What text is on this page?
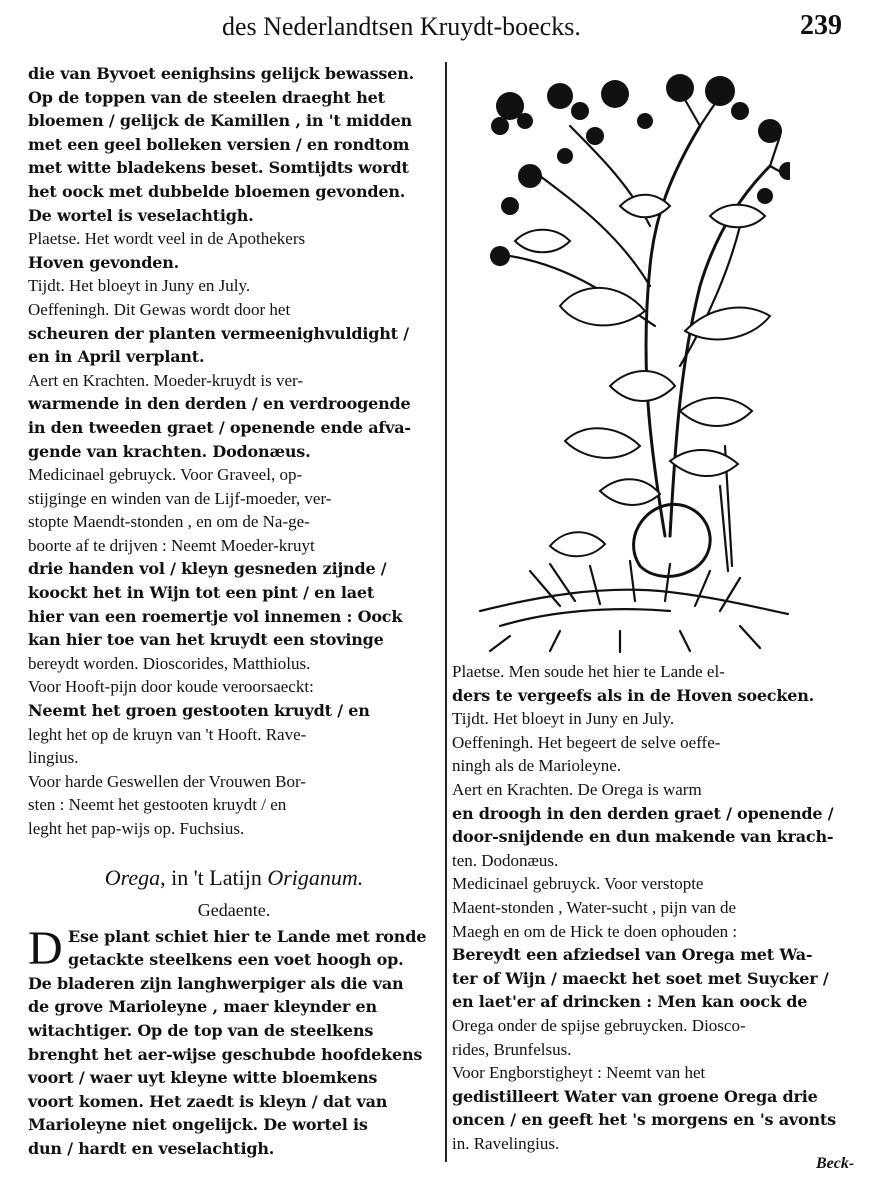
des Nederlandtsen Kruydt-boecks.	239
die van Byvoet eenighsins gelijck bewassen.
Op de toppen van de steelen draeght het
bloemen / gelijck de Kamillen , in 't midden
met een geel bolleken versien / en rondtom
met witte bladekens beset. Somtijdts wordt
het oock met dubbelde bloemen gevonden.
De wortel is veselachtigh.
Plaetse. Het wordt veel in de Apothekers
Hoven gevonden.
Tijdt. Het bloeyt in Juny en July.
Oeffeningh. Dit Gewas wordt door het
scheuren der planten vermeenighvuldight /
en in April verplant.
Aert en Krachten. Moeder-kruydt is ver-
warmende in den derden / en verdroogende
in den tweeden graet / openende ende afva-
gende van krachten. Dodonæus.
Medicinael gebruyck. Voor Graveel, op-
stijginge en winden van de Lijf-moeder, ver-
stopte Maendt-stonden , en om de Na-ge-
boorte af te drijven : Neemt Moeder-kruyt
drie handen vol / kleyn gesneden zijnde /
koockt het in Wijn tot een pint / en laet
hier van een roemertje vol innemen : Oock
kan hier toe van het kruydt een stovinge
bereydt worden. Dioscorides, Matthiolus.
Voor Hooft-pijn door koude veroorsaeckt:
Neemt het groen gestooten kruydt / en
leght het op de kruyn van 't Hooft. Rave-
lingius.
Voor harde Geswellen der Vrouwen Bor-
sten : Neemt het gestooten kruydt / en
leght het pap-wijs op. Fuchsius.
Orega, in 't Latijn Origanum.
Gedaente.
D Ese plant schiet hier te Lande met ronde
getackte steelkens een voet hoogh op.
De bladeren zijn langhwerpiger als die van
de grove Marioleyne , maer kleynder en
witachtiger. Op de top van de steelkens
brenght het aer-wijse geschubde hoofdekens
voort / waer uyt kleyne witte bloemkens
voort komen. Het zaedt is kleyn / dat van
Marioleyne niet ongelijck. De wortel is
dun / hardt en veselachtigh.
Plaetse. Men soude het hier te Lande el-
ders te vergeefs als in de Hoven soecken.
Tijdt. Het bloeyt in Juny en July.
Oeffeningh. Het begeert de selve oeffe-
ningh als de Marioleyne.
Aert en Krachten. De Orega is warm
en droogh in den derden graet / openende /
door-snijdende en dun makende van krach-
ten. Dodonæus.
Medicinael gebruyck. Voor verstopte
Maent-stonden , Water-sucht , pijn van de
Maegh en om de Hick te doen ophouden :
Bereydt een afziedsel van Orega met Wa-
ter of Wijn / maeckt het soet met Suycker /
en laet'er af drincken : Men kan oock de
Orega onder de spijse gebruycken. Diosco-
rides, Brunfelsus.
Voor Engborstigheyt : Neemt van het
gedistilleert Water van groene Orega drie
oncen / en geeft het 's morgens en 's avonts
in. Ravelingius.
Beck-
